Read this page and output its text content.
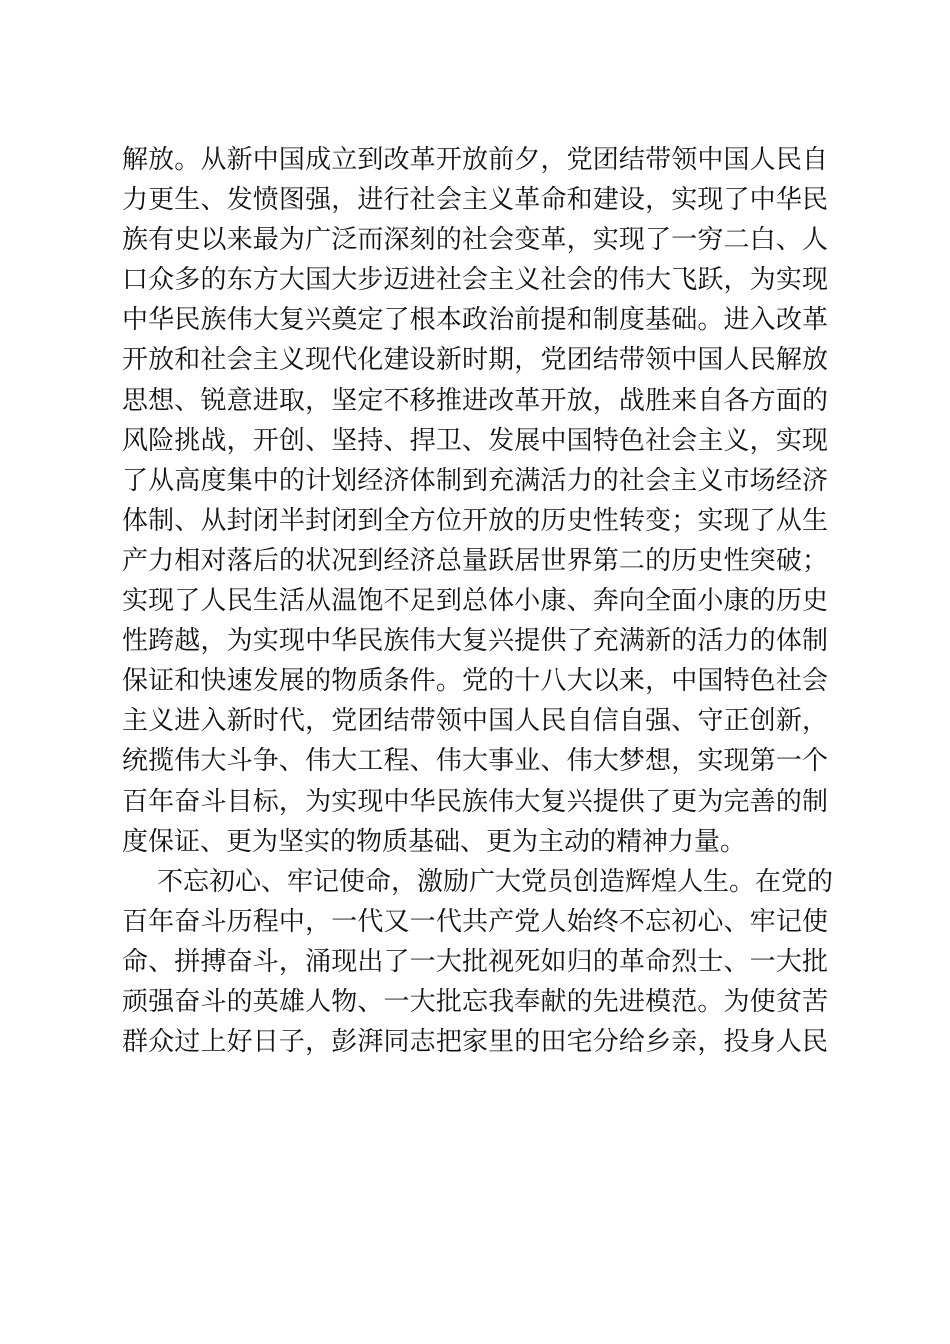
解放。从新中国成立到改革开放前夕，党团结带领中国人民自
力更生、发愤图强，进行社会主义革命和建设，实现了中华民
族有史以来最为广泛而深刻的社会变革，实现了一穷二白、人
口众多的东方大国大步迈进社会主义社会的伟大飞跃，为实现
中华民族伟大复兴奠定了根本政治前提和制度基础。进入改革
开放和社会主义现代化建设新时期，党团结带领中国人民解放
思想、锐意进取，坚定不移推进改革开放，战胜来自各方面的
风险挑战，开创、坚持、捍卫、发展中国特色社会主义，实现
了从高度集中的计划经济体制到充满活力的社会主义市场经济
体制、从封闭半封闭到全方位开放的历史性转变；实现了从生
产力相对落后的状况到经济总量跃居世界第二的历史性突破；
实现了人民生活从温饱不足到总体小康、奔向全面小康的历史
性跨越，为实现中华民族伟大复兴提供了充满新的活力的体制
保证和快速发展的物质条件。党的十八大以来，中国特色社会
主义进入新时代，党团结带领中国人民自信自强、守正创新，
统揽伟大斗争、伟大工程、伟大事业、伟大梦想，实现第一个
百年奋斗目标，为实现中华民族伟大复兴提供了更为完善的制
度保证、更为坚实的物质基础、更为主动的精神力量。
不忘初心、牢记使命，激励广大党员创造辉煌人生。在党的
百年奋斗历程中，一代又一代共产党人始终不忘初心、牢记使
命、拼搏奋斗，涌现出了一大批视死如归的革命烈士、一大批
顽强奋斗的英雄人物、一大批忘我奉献的先进模范。为使贫苦
群众过上好日子，彭湃同志把家里的田宅分给乡亲，投身人民
